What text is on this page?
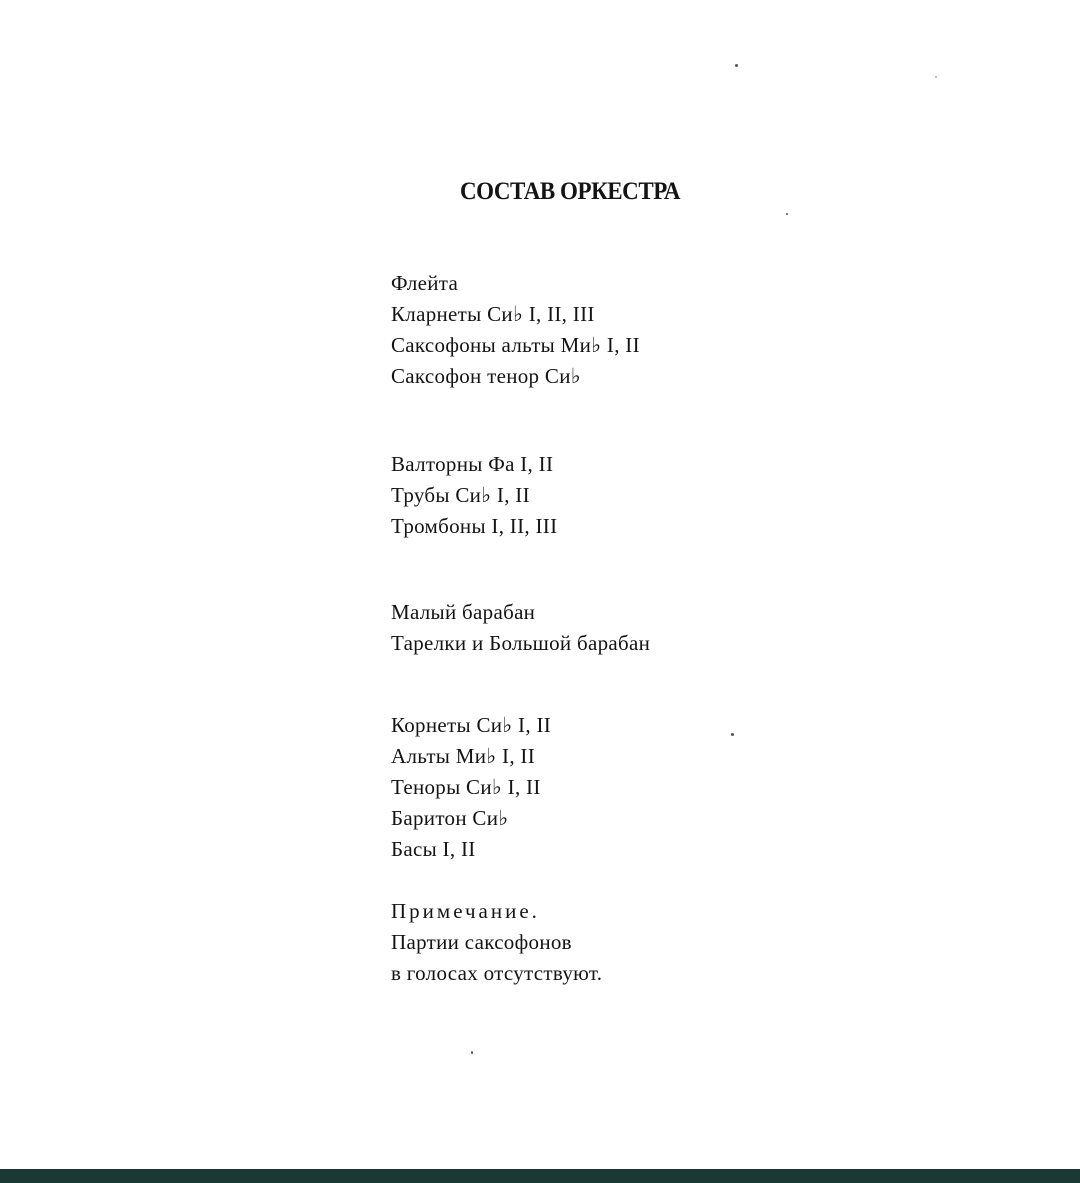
СОСТАВ ОРКЕСТРА
Флейта
Кларнеты Си♭ I, II, III
Саксофоны альты Ми♭ I, II
Саксофон тенор Си♭
Валторны Фа I, II
Трубы Си♭ I, II
Тромбоны I, II, III
Малый барабан
Тарелки и Большой барабан
Корнеты Си♭ I, II
Альты Ми♭ I, II
Теноры Си♭ I, II
Баритон Си♭
Басы I, II
Примечание.
Партии саксофонов
в голосах отсутствуют.
